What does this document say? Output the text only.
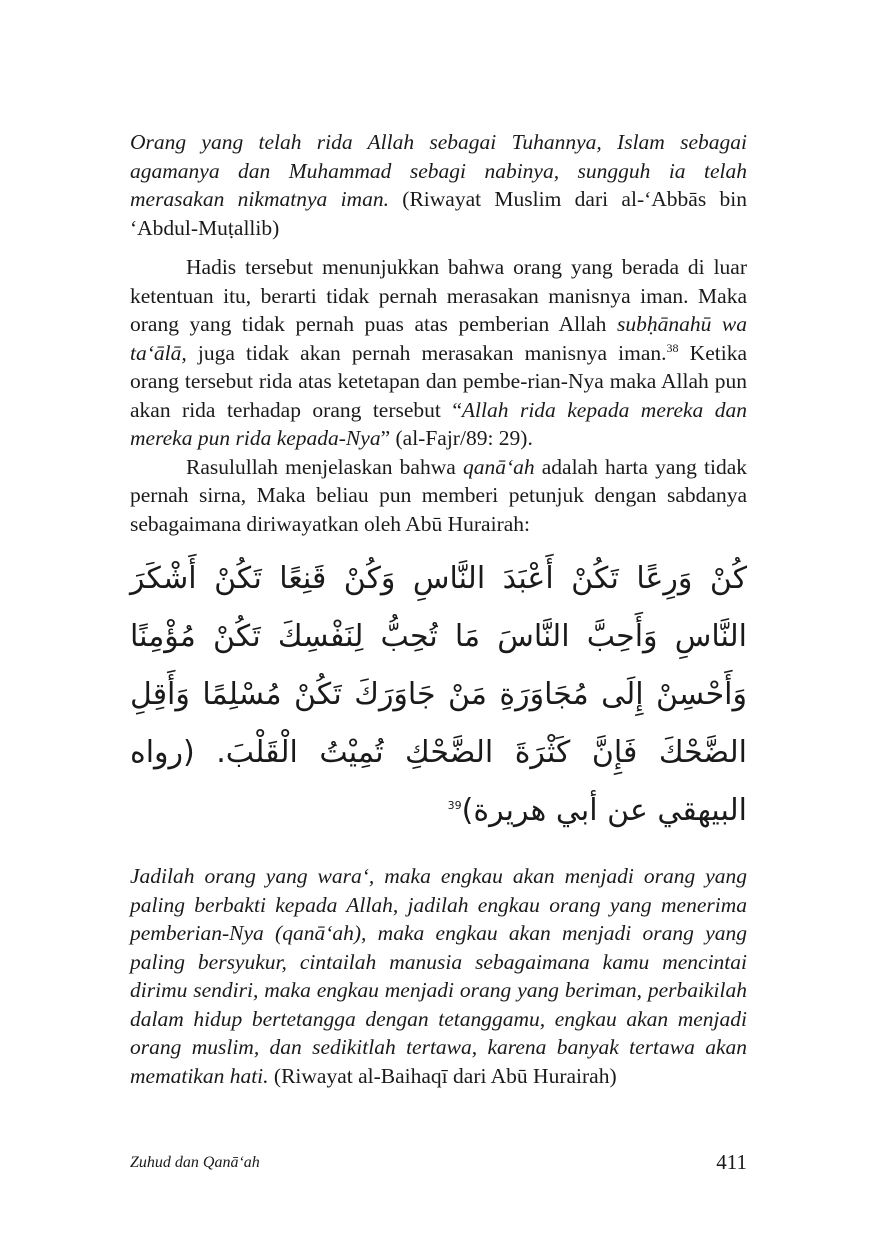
Orang yang telah rida Allah sebagai Tuhannya, Islam sebagai agamanya dan Muhammad sebagi nabinya, sungguh ia telah merasakan nikmatnya iman. (Riwayat Muslim dari al-‘Abbās bin ‘Abdul-Muṭallib)

Hadis tersebut menunjukkan bahwa orang yang berada di luar ketentuan itu, berarti tidak pernah merasakan manisnya iman. Maka orang yang tidak pernah puas atas pemberian Allah subḥānahū wa ta‘ālā, juga tidak akan pernah merasakan manisnya iman.$^{38}$ Ketika orang tersebut rida atas ketetapan dan pembe-rian-Nya maka Allah pun akan rida terhadap orang tersebut “Allah rida kepada mereka dan mereka pun rida kepada-Nya” (al-Fajr/89: 29).

Rasulullah menjelaskan bahwa qanā‘ah adalah harta yang tidak pernah sirna, Maka beliau pun memberi petunjuk dengan sabdanya sebagaimana diriwayatkan oleh Abū Hurairah:

كُنْ وَرِعًا تَكُنْ أَعْبَدَ النَّاسِ وَكُنْ قَنِعًا تَكُنْ أَشْكَرَ النَّاسِ وَأَحِبَّ النَّاسَ مَا تُحِبُّ لِنَفْسِكَ تَكُنْ مُؤْمِنًا وَأَحْسِنْ إِلَى مُجَاوَرَةِ مَنْ جَاوَرَكَ تَكُنْ مُسْلِمًا وَأَقِلِ الضَّحْكَ فَإِنَّ كَثْرَةَ الضَّحْكِ تُمِيْتُ الْقَلْبَ. (رواه البيهقي عن أبي هريرة)$^{39}$

Jadilah orang yang wara‘, maka engkau akan menjadi orang yang paling berbakti kepada Allah, jadilah engkau orang yang menerima pemberian-Nya (qanā‘ah), maka engkau akan menjadi orang yang paling bersyukur, cintailah manusia sebagaimana kamu mencintai dirimu sendiri, maka engkau menjadi orang yang beriman, perbaikilah dalam hidup bertetangga dengan tetanggamu, engkau akan menjadi orang muslim, dan sedikitlah tertawa, karena banyak tertawa akan mematikan hati. (Riwayat al-Baihaqī dari Abū Hurairah)

Zuhud dan Qanā‘ah	411
